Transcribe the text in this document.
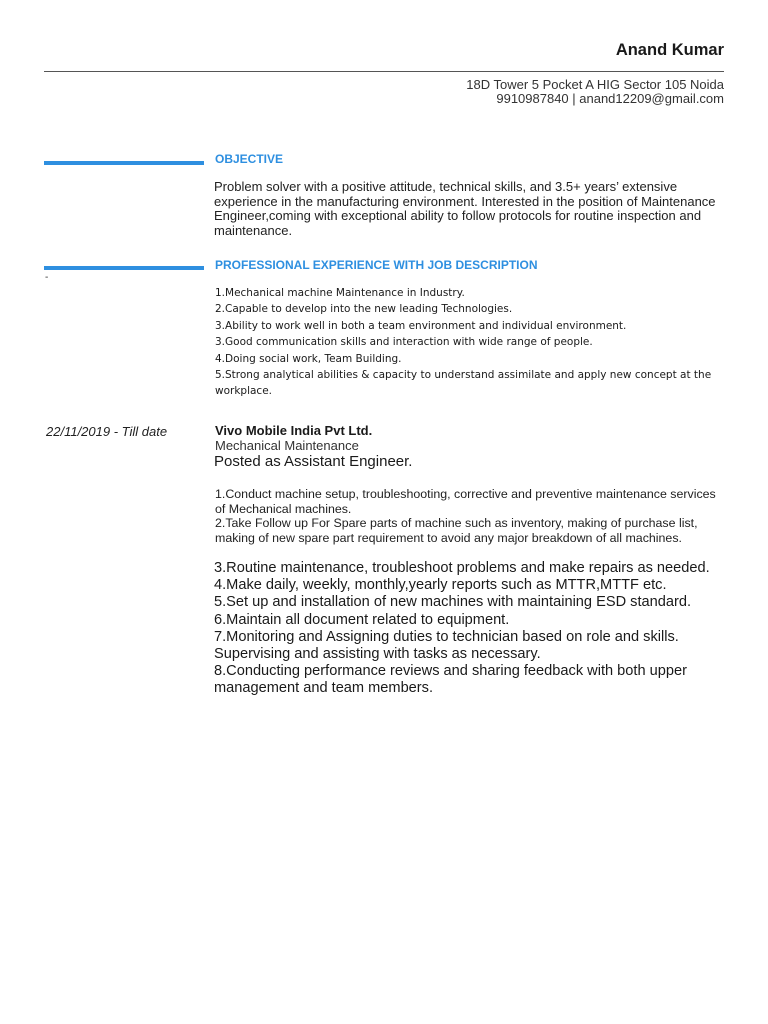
Anand Kumar

18D Tower 5 Pocket A HIG Sector 105 Noida

9910987840 | anand12209@gmail.com

OBJECTIVE

Problem solver with a positive attitude, technical skills, and 3.5+ years’ extensive experience in the manufacturing environment. Interested in the position of Maintenance Engineer,coming with exceptional ability to follow protocols for routine inspection and maintenance.

PROFESSIONAL EXPERIENCE WITH JOB DESCRIPTION

-

1.Mechanical machine Maintenance in Industry.
2.Capable to develop into the new leading Technologies.
3.Ability to work well in both a team environment and individual environment.
3.Good communication skills and interaction with wide range of people.
4.Doing social work, Team Building.
5.Strong analytical abilities & capacity to understand assimilate and apply new concept at the workplace.

22/11/2019 - Till date	Vivo Mobile India Pvt Ltd.

Mechanical Maintenance

Posted as Assistant Engineer.

1.Conduct machine setup, troubleshooting, corrective and preventive maintenance services of Mechanical machines.
2.Take Follow up For Spare parts of machine such as inventory, making of purchase list, making of new spare part requirement to avoid any major breakdown of all machines.
3.Routine maintenance, troubleshoot problems and make repairs as needed.
4.Make daily, weekly, monthly,yearly reports such as MTTR,MTTF etc.
5.Set up and installation of new machines with maintaining ESD standard.
6.Maintain all document related to equipment.
7.Monitoring and Assigning duties to technician based on role and skills. Supervising and assisting with tasks as necessary.
8.Conducting performance reviews and sharing feedback with both upper management and team members.
